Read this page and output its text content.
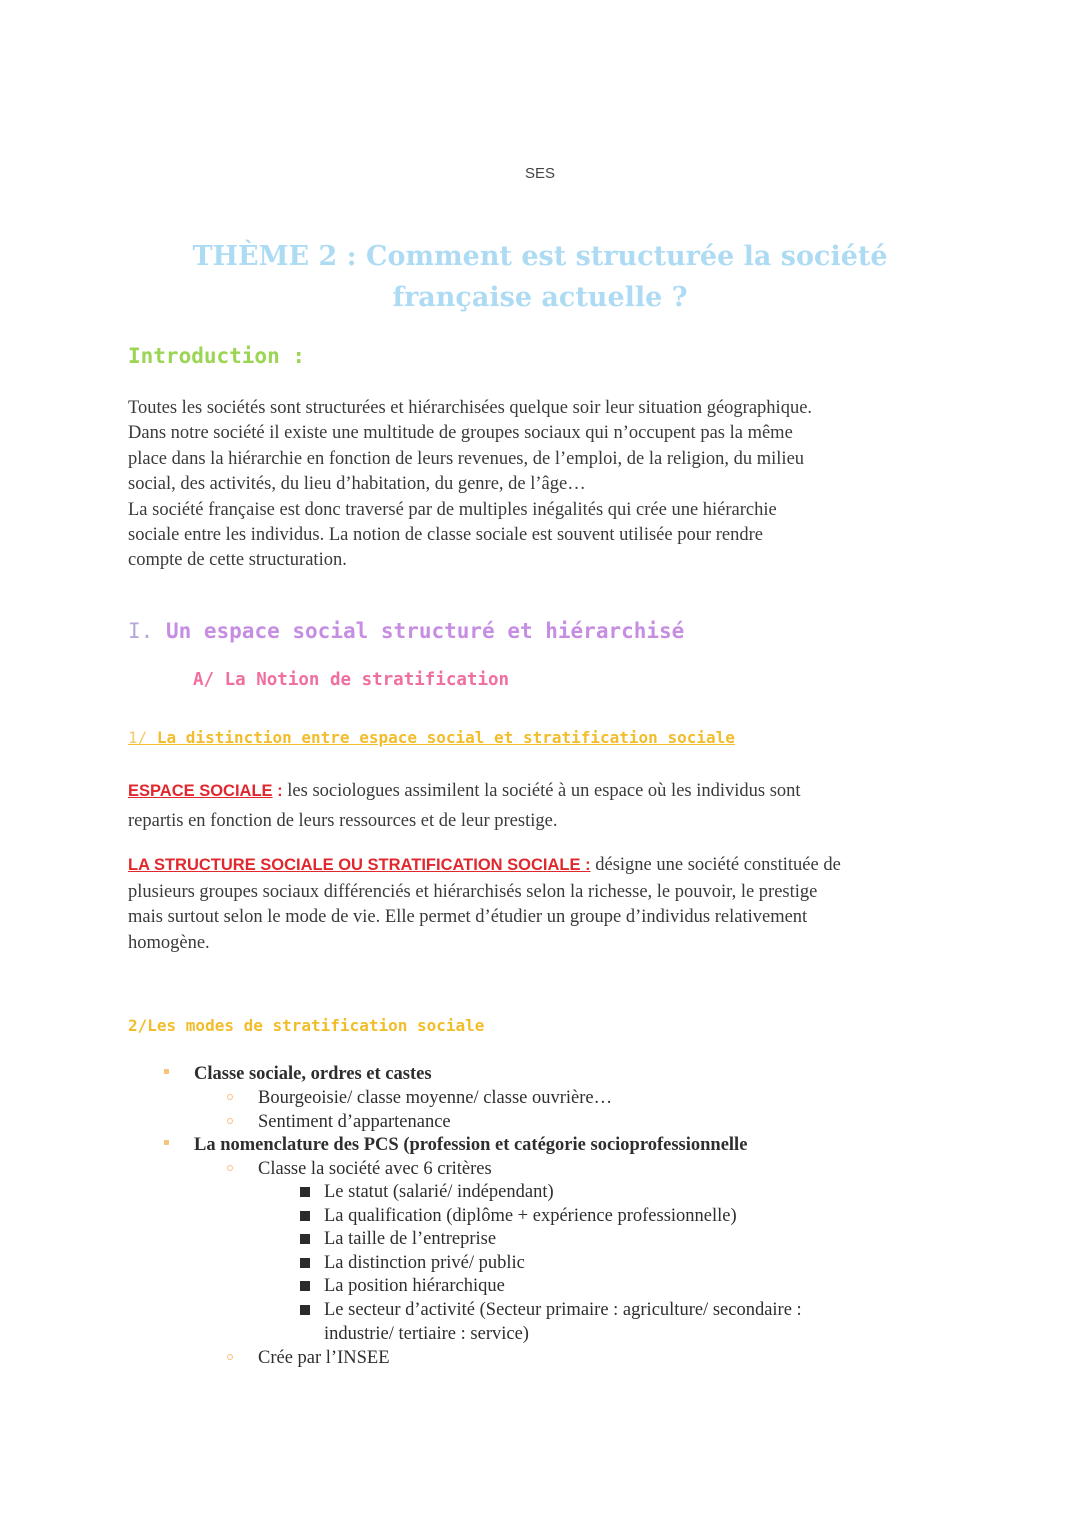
SES
THÈME 2 : Comment est structurée la société
française actuelle ?
Introduction :
Toutes les sociétés sont structurées et hiérarchisées quelque soir leur situation géographique.
Dans notre société il existe une multitude de groupes sociaux qui n’occupent pas la même
place dans la hiérarchie en fonction de leurs revenues, de l’emploi, de la religion, du milieu
social, des activités, du lieu d’habitation, du genre, de l’âge…
La société française est donc traversé par de multiples inégalités qui crée une hiérarchie
sociale entre les individus. La notion de classe sociale est souvent utilisée pour rendre
compte de cette structuration.
I. Un espace social structuré et hiérarchisé
A/ La Notion de stratification
1/ La distinction entre espace social et stratification sociale
ESPACE SOCIALE : les sociologues assimilent la société à un espace où les individus sont
repartis en fonction de leurs ressources et de leur prestige.
LA STRUCTURE SOCIALE OU STRATIFICATION SOCIALE : désigne une société constituée de
plusieurs groupes sociaux différenciés et hiérarchisés selon la richesse, le pouvoir, le prestige
mais surtout selon le mode de vie. Elle permet d’étudier un groupe d’individus relativement
homogène.
2/Les modes de stratification sociale
Classe sociale, ordres et castes
Bourgeoisie/ classe moyenne/ classe ouvrière…
Sentiment d’appartenance
La nomenclature des PCS (profession et catégorie socioprofessionnelle
Classe la société avec 6 critères
Le statut (salarié/ indépendant)
La qualification (diplôme + expérience professionnelle)
La taille de l’entreprise
La distinction privé/ public
La position hiérarchique
Le secteur d’activité (Secteur primaire : agriculture/ secondaire :
industrie/ tertiaire : service)
Crée par l’INSEE
